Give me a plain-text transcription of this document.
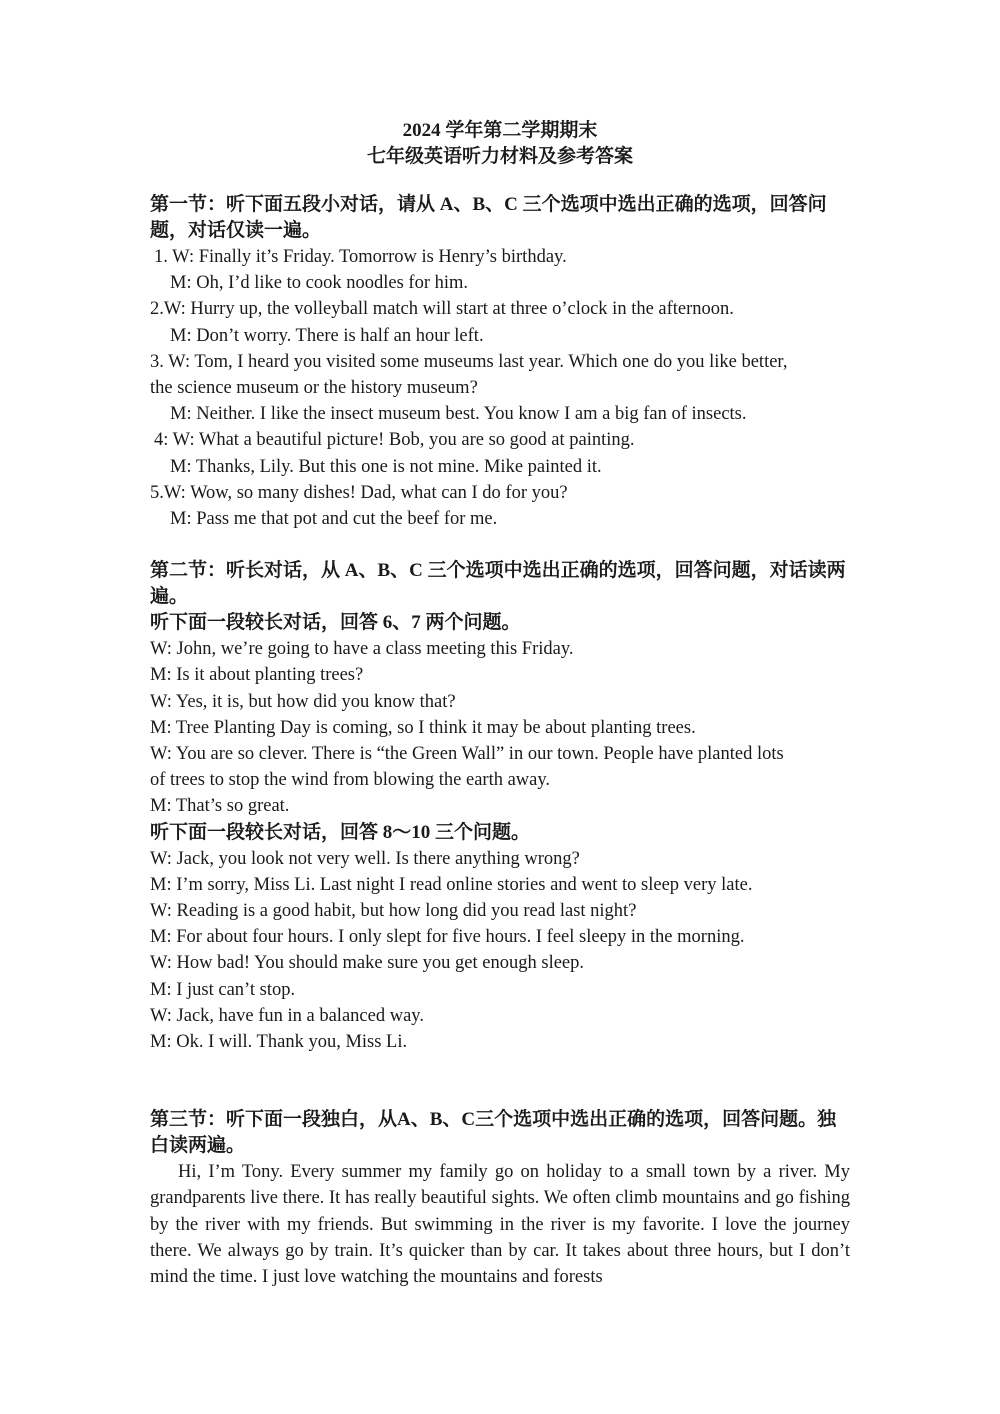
2024 学年第二学期期末

七年级英语听力材料及参考答案

第一节：听下面五段小对话，请从 A、B、C 三个选项中选出正确的选项，回答问题，对话仅读一遍。

1. W: Finally it’s Friday. Tomorrow is Henry’s birthday.

M: Oh, I’d like to cook noodles for him.

2.W: Hurry up, the volleyball match will start at three o’clock in the afternoon.

M: Don’t worry. There is half an hour left.

3. W: Tom, I heard you visited some museums last year. Which one do you like better,

the science museum or the history museum?

M: Neither. I like the insect museum best. You know I am a big fan of insects.

4: W: What a beautiful picture! Bob, you are so good at painting.

M: Thanks, Lily. But this one is not mine. Mike painted it.

5.W: Wow, so many dishes! Dad, what can I do for you?

M: Pass me that pot and cut the beef for me.

第二节：听长对话，从 A、B、C 三个选项中选出正确的选项，回答问题，对话读两遍。

听下面一段较长对话，回答 6、7 两个问题。

W: John, we’re going to have a class meeting this Friday.

M: Is it about planting trees?

W: Yes, it is, but how did you know that?

M: Tree Planting Day is coming, so I think it may be about planting trees.

W: You are so clever. There is “the Green Wall” in our town. People have planted lots

of trees to stop the wind from blowing the earth away.

M: That’s so great.

听下面一段较长对话，回答 8～10 三个问题。

W: Jack, you look not very well. Is there anything wrong?

M: I’m sorry, Miss Li. Last night I read online stories and went to sleep very late.

W: Reading is a good habit, but how long did you read last night?

M: For about four hours. I only slept for five hours. I feel sleepy in the morning.

W: How bad! You should make sure you get enough sleep.

M: I just can’t stop.

W: Jack, have fun in a balanced way.

M: Ok. I will. Thank you, Miss Li.

第三节：听下面一段独白，从A、B、C三个选项中选出正确的选项，回答问题。独白读两遍。

Hi, I’m Tony. Every summer my family go on holiday to a small town by a river. My grandparents live there. It has really beautiful sights. We often climb mountains and go fishing by the river with my friends. But swimming in the river is my favorite. I love the journey there. We always go by train. It’s quicker than by car. It takes about three hours, but I don’t mind the time. I just love watching the mountains and forests
